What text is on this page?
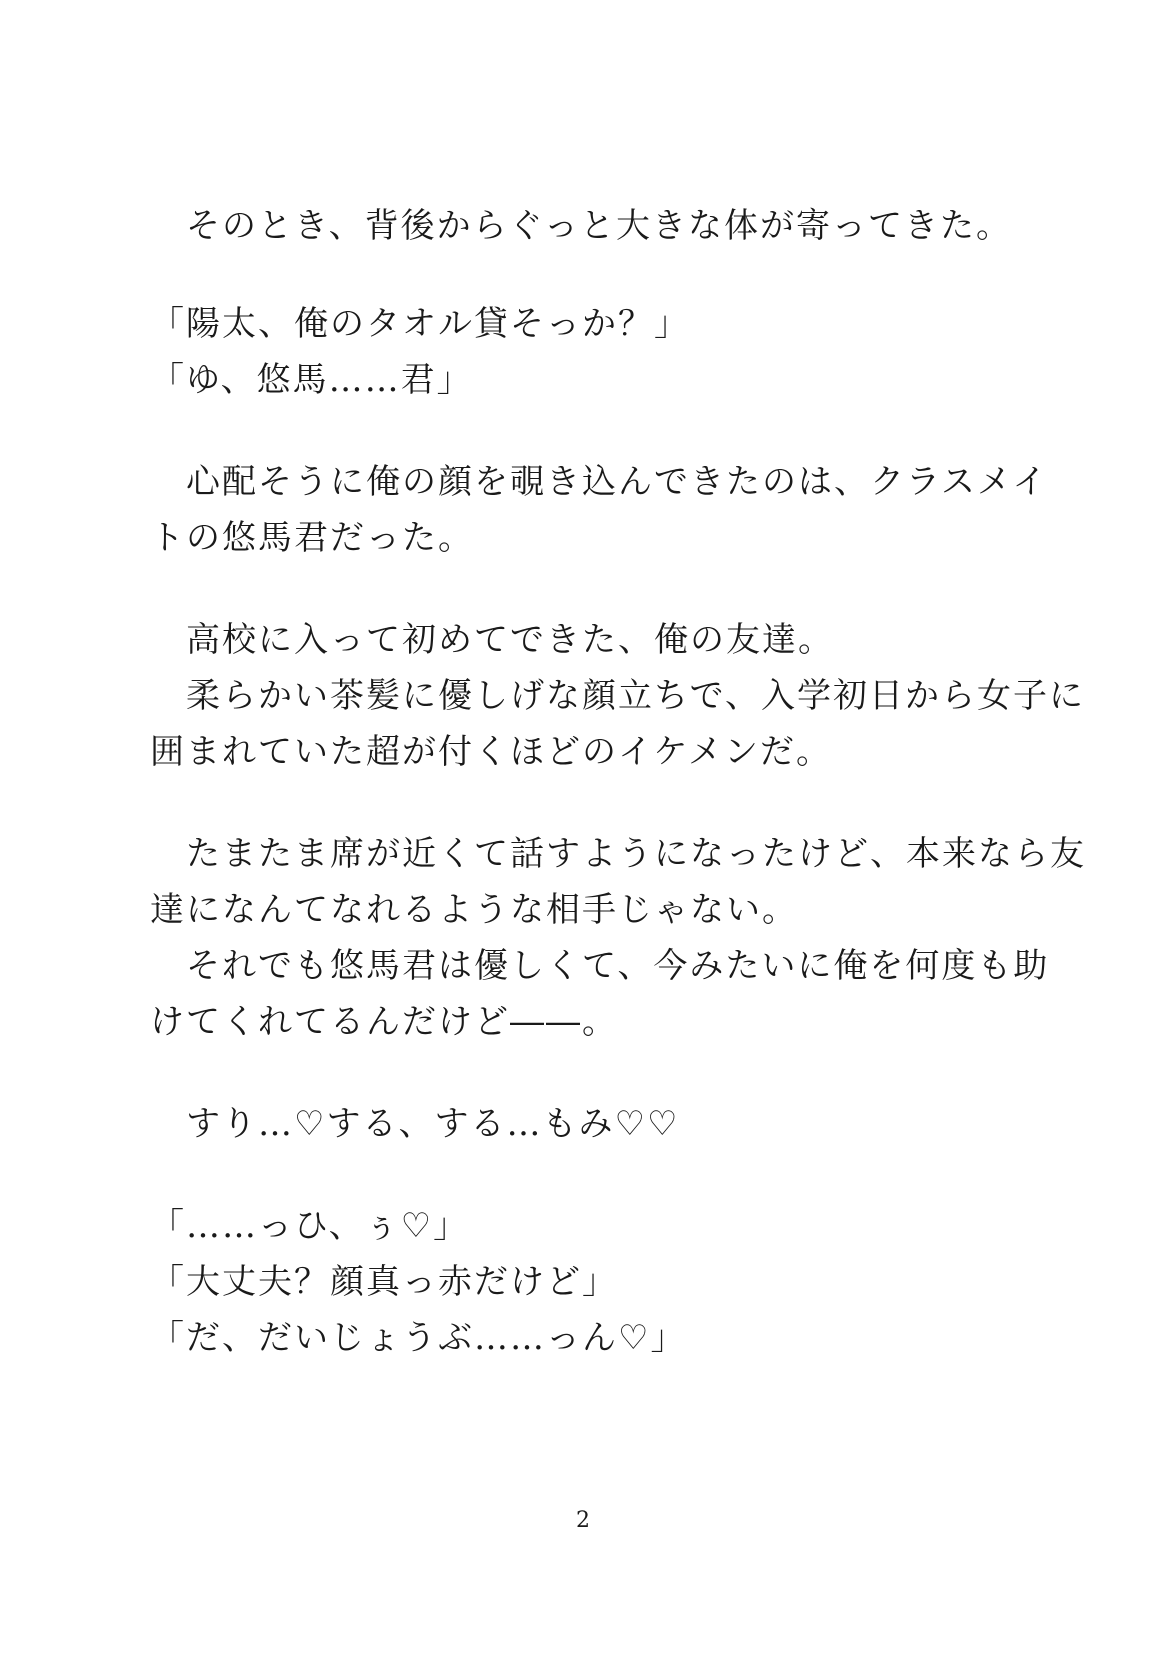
　そのとき、背後からぐっと大きな体が寄ってきた。
「陽太、俺のタオル貸そっか？」
「ゆ、悠馬……君」
　心配そうに俺の顔を覗き込んできたのは、クラスメイ
トの悠馬君だった。
　高校に入って初めてできた、俺の友達。
　柔らかい茶髪に優しげな顔立ちで、入学初日から女子に
囲まれていた超が付くほどのイケメンだ。
　たまたま席が近くて話すようになったけど、本来なら友
達になんてなれるような相手じゃない。
　それでも悠馬君は優しくて、今みたいに俺を何度も助
けてくれてるんだけど――。
　すり…♡する、する…もみ♡♡
「……っひ、ぅ♡」
「大丈夫？顔真っ赤だけど」
「だ、だいじょうぶ……っん♡」
2
